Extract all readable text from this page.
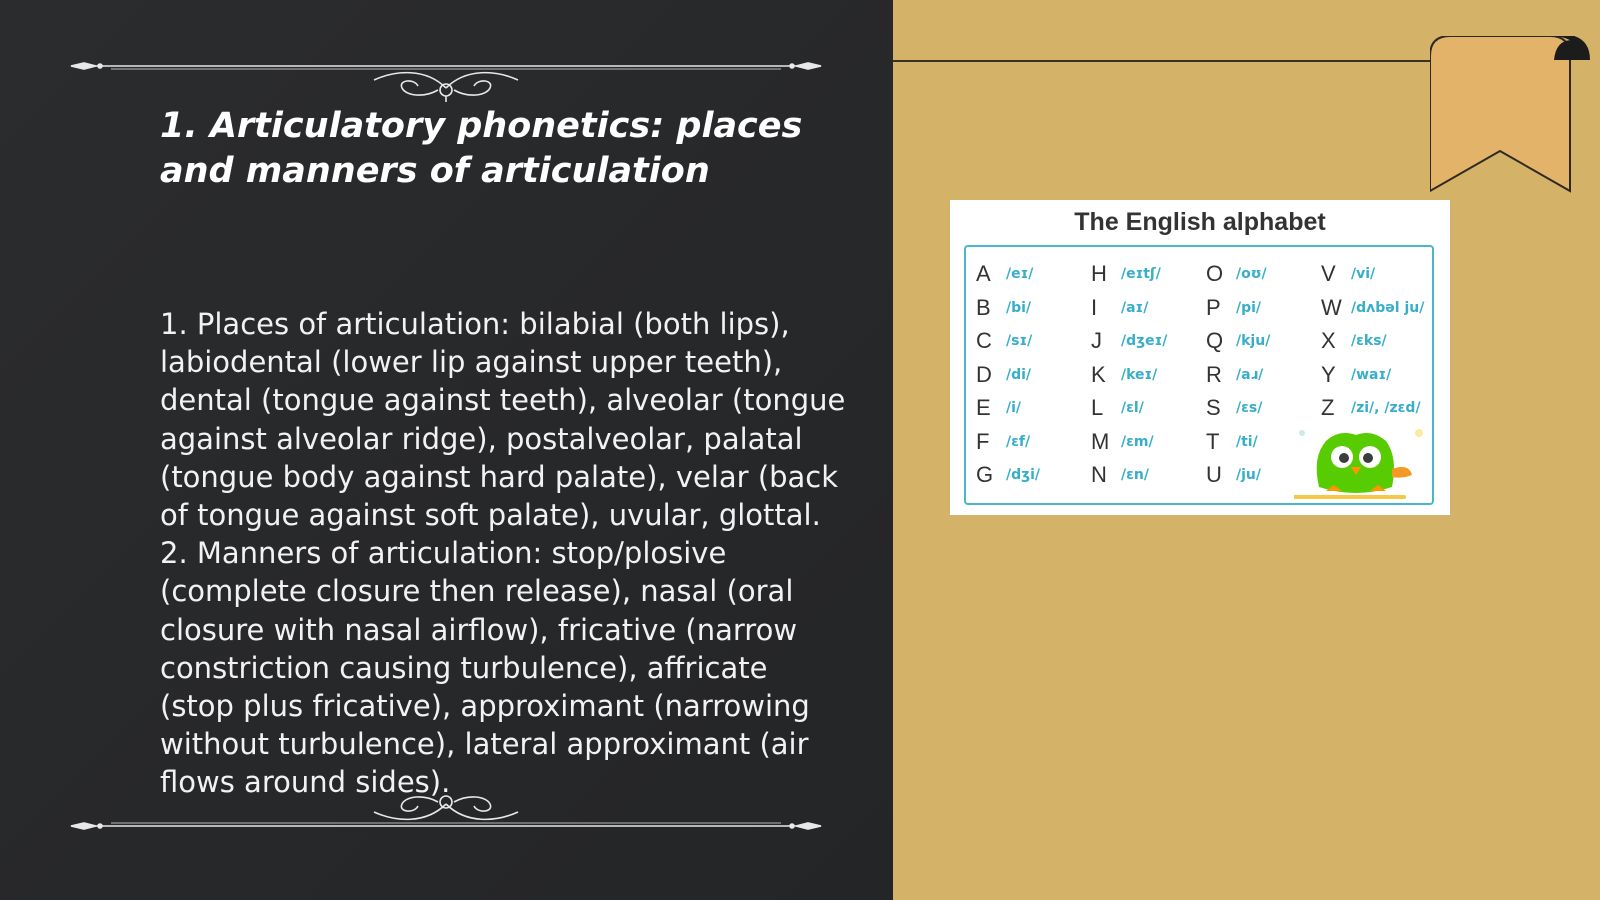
1. Articulatory phonetics: places and manners of articulation

1. Places of articulation: bilabial (both lips), labiodental (lower lip against upper teeth), dental (tongue against teeth), alveolar (tongue against alveolar ridge), postalveolar, palatal (tongue body against hard palate), velar (back of tongue against soft palate), uvular, glottal. 2. Manners of articulation: stop/plosive (complete closure then release), nasal (oral closure with nasal airflow), fricative (narrow constriction causing turbulence), affricate (stop plus fricative), approximant (narrowing without turbulence), lateral approximant (air flows around sides).

The English alphabet
A	/eɪ/
B	/bi/
C	/sɪ/
D	/di/
E	/i/
F	/ɛf/
G /dʒi/
H	/eɪtʃ/
I	/aɪ/
J	/dʒeɪ/
K	/keɪ/
L	/ɛl/
M /ɛm/
N	/ɛn/
O /oʊ/
P	/pi/
Q /kju/
R	/aɹ/
S	/ɛs/
T	/ti/
U	/ju/
V	/vi/
W /dʌbəl ju/
X	/ɛks/
Y	/waɪ/
Z	/zi/, /zɛd/
